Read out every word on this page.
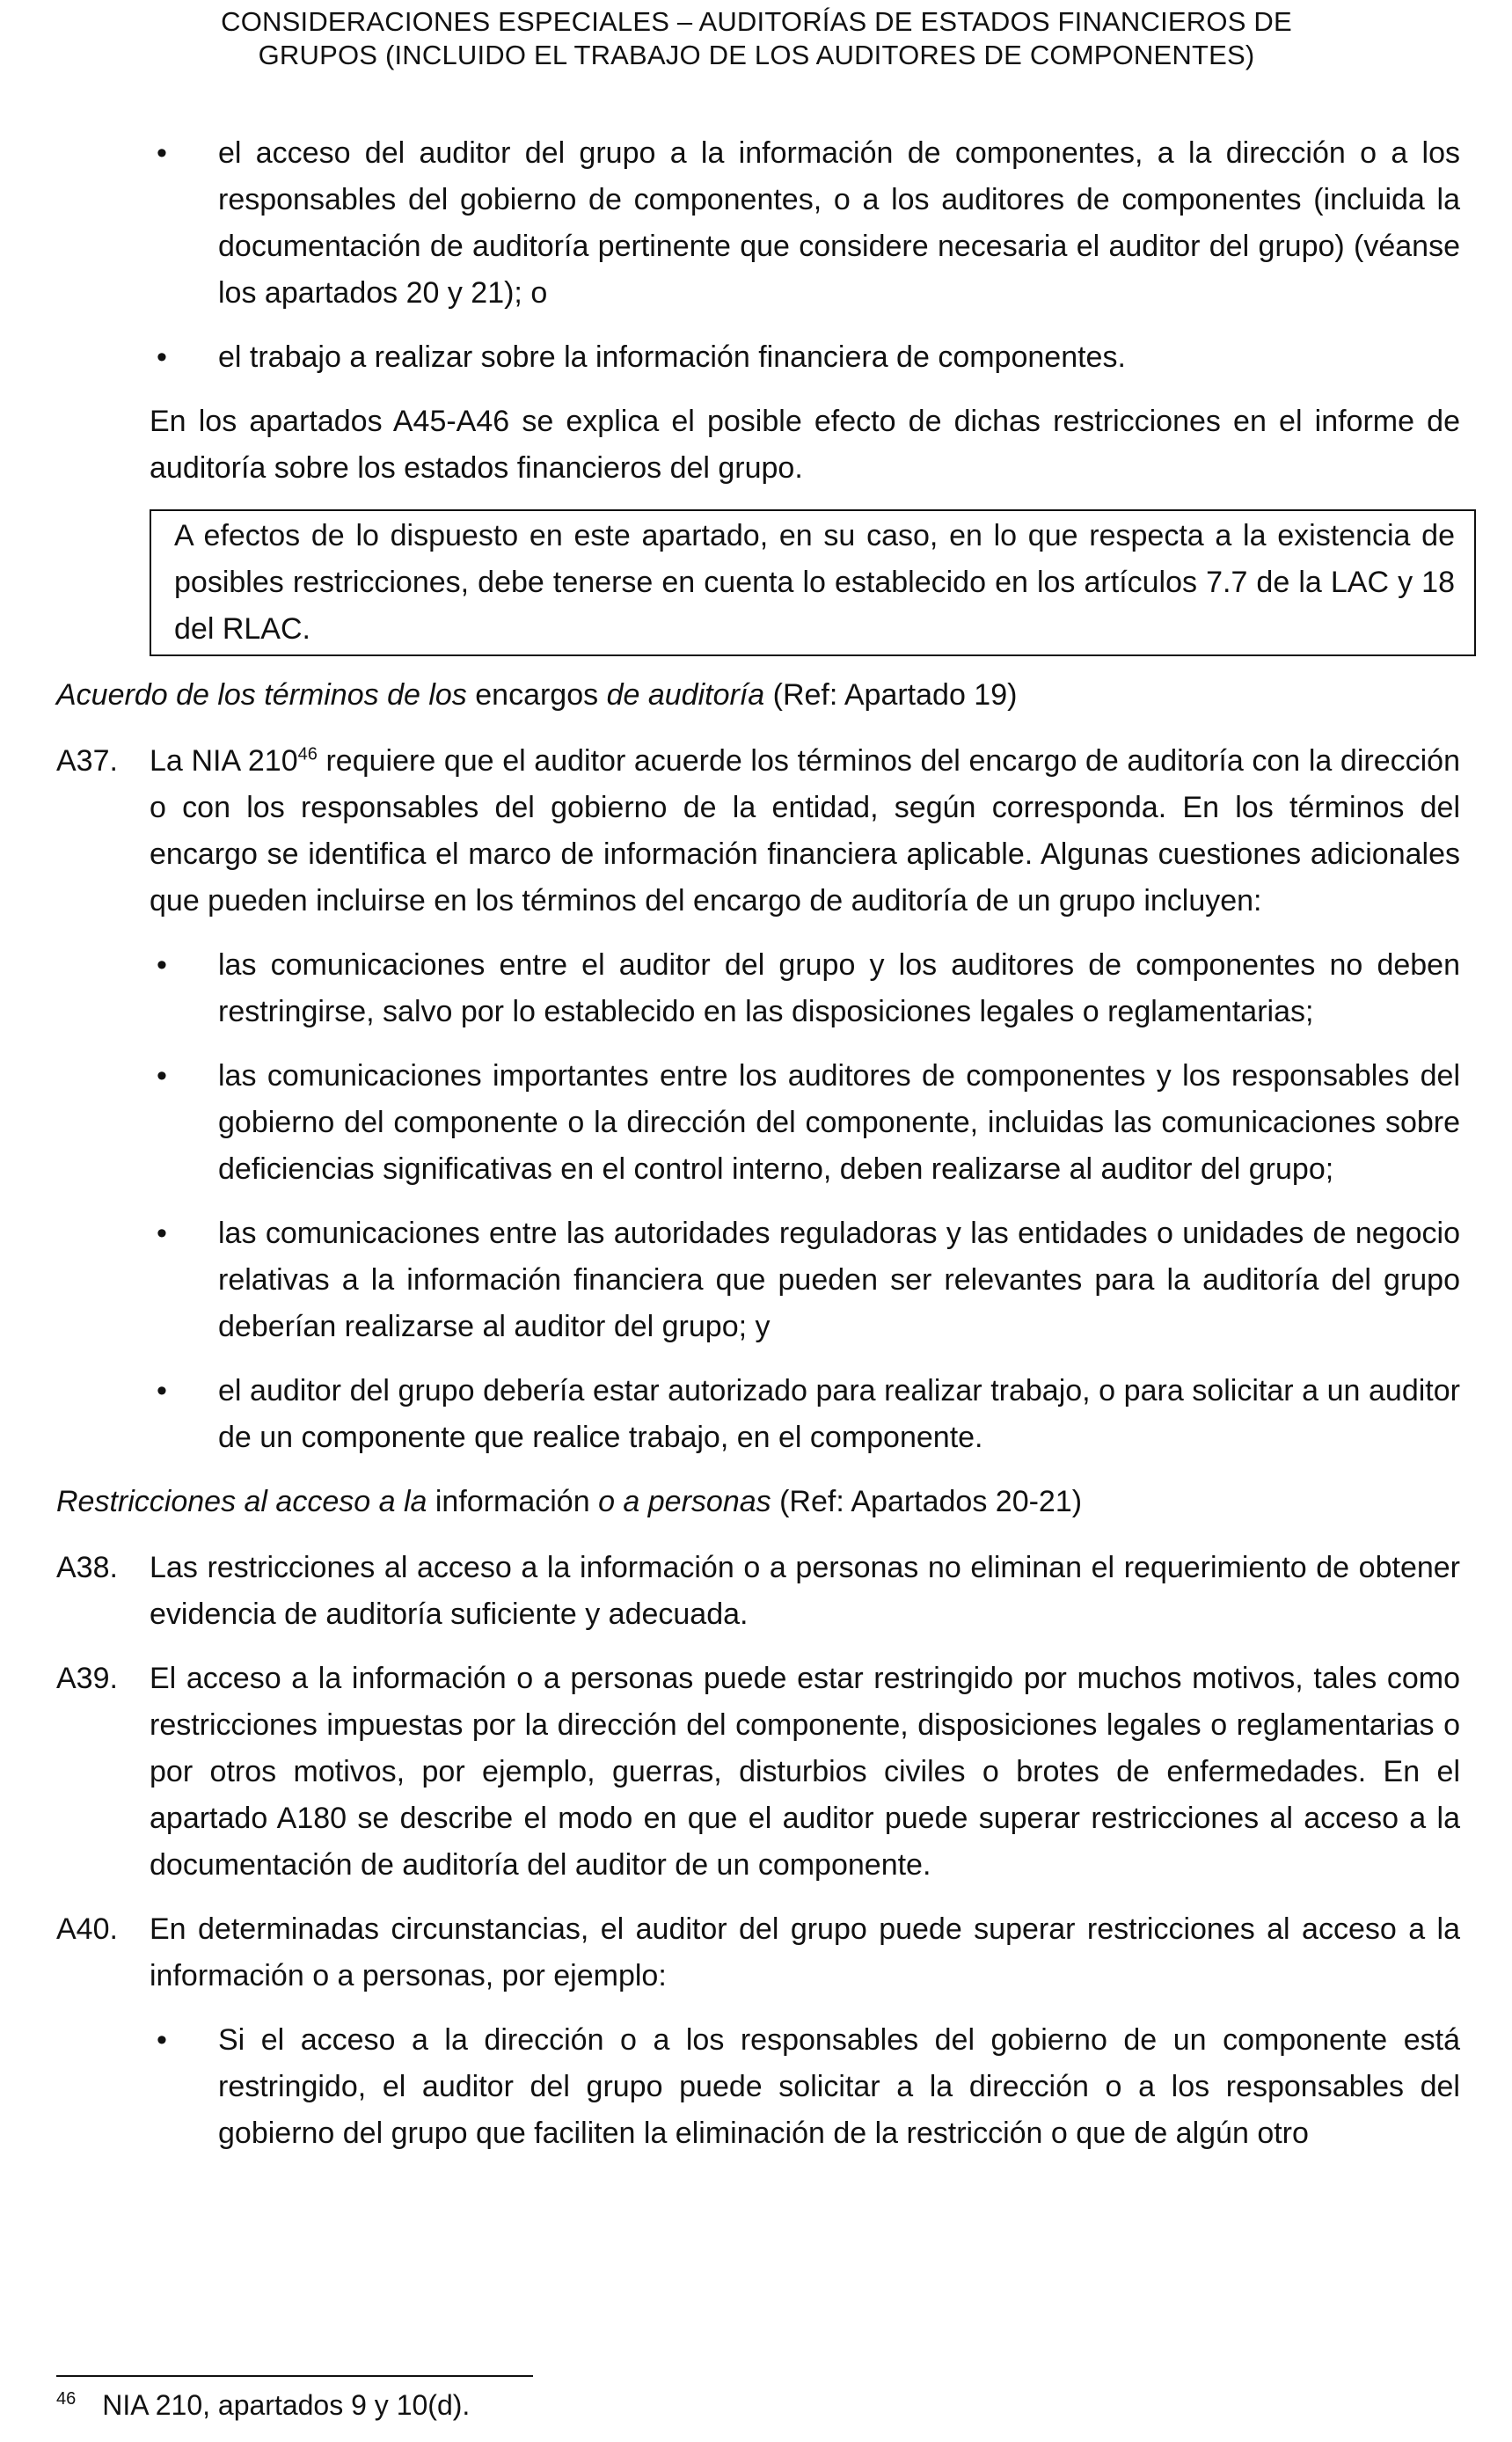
CONSIDERACIONES ESPECIALES – AUDITORÍAS DE ESTADOS FINANCIEROS DE
GRUPOS (INCLUIDO EL TRABAJO DE LOS AUDITORES DE COMPONENTES)
• el acceso del auditor del grupo a la información de componentes, a la dirección o a los responsables del gobierno de componentes, o a los auditores de componentes (incluida la documentación de auditoría pertinente que considere necesaria el auditor del grupo) (véanse los apartados 20 y 21); o
• el trabajo a realizar sobre la información financiera de componentes.
En los apartados A45-A46 se explica el posible efecto de dichas restricciones en el informe de auditoría sobre los estados financieros del grupo.
A efectos de lo dispuesto en este apartado, en su caso, en lo que respecta a la existencia de posibles restricciones, debe tenerse en cuenta lo establecido en los artículos 7.7 de la LAC y 18 del RLAC.
Acuerdo de los términos de los encargos de auditoría (Ref: Apartado 19)
A37. La NIA $210^{46}$ requiere que el auditor acuerde los términos del encargo de auditoría con la dirección o con los responsables del gobierno de la entidad, según corresponda. En los términos del encargo se identifica el marco de información financiera aplicable. Algunas cuestiones adicionales que pueden incluirse en los términos del encargo de auditoría de un grupo incluyen:
• las comunicaciones entre el auditor del grupo y los auditores de componentes no deben restringirse, salvo por lo establecido en las disposiciones legales o reglamentarias;
• las comunicaciones importantes entre los auditores de componentes y los responsables del gobierno del componente o la dirección del componente, incluidas las comunicaciones sobre deficiencias significativas en el control interno, deben realizarse al auditor del grupo;
• las comunicaciones entre las autoridades reguladoras y las entidades o unidades de negocio relativas a la información financiera que pueden ser relevantes para la auditoría del grupo deberían realizarse al auditor del grupo; y
• el auditor del grupo debería estar autorizado para realizar trabajo, o para solicitar a un auditor de un componente que realice trabajo, en el componente.
Restricciones al acceso a la información o a personas (Ref: Apartados 20-21)
A38. Las restricciones al acceso a la información o a personas no eliminan el requerimiento de obtener evidencia de auditoría suficiente y adecuada.
A39. El acceso a la información o a personas puede estar restringido por muchos motivos, tales como restricciones impuestas por la dirección del componente, disposiciones legales o reglamentarias o por otros motivos, por ejemplo, guerras, disturbios civiles o brotes de enfermedades. En el apartado A180 se describe el modo en que el auditor puede superar restricciones al acceso a la documentación de auditoría del auditor de un componente.
A40. En determinadas circunstancias, el auditor del grupo puede superar restricciones al acceso a la información o a personas, por ejemplo:
• Si el acceso a la dirección o a los responsables del gobierno de un componente está restringido, el auditor del grupo puede solicitar a la dirección o a los responsables del gobierno del grupo que faciliten la eliminación de la restricción o que de algún otro
$^{46}$ NIA 210, apartados 9 y 10(d).
